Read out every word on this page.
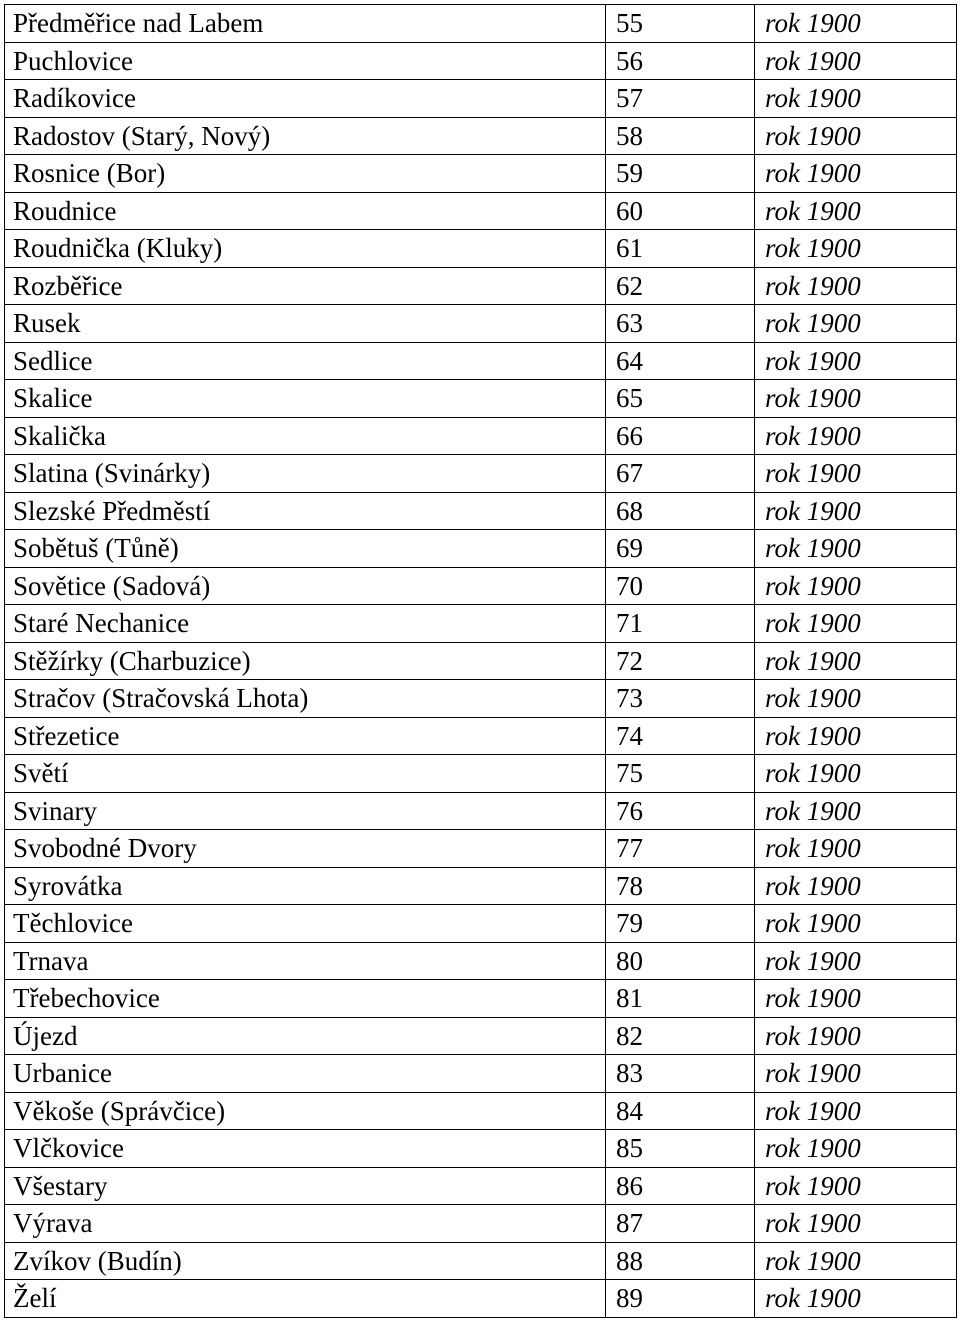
Předměřice nad Labem	55	rok 1900
Puchlovice	56	rok 1900
Radíkovice	57	rok 1900
Radostov (Starý, Nový)	58	rok 1900
Rosnice (Bor)	59	rok 1900
Roudnice	60	rok 1900
Roudnička (Kluky)	61	rok 1900
Rozběřice	62	rok 1900
Rusek	63	rok 1900
Sedlice	64	rok 1900
Skalice	65	rok 1900
Skalička	66	rok 1900
Slatina (Svinárky)	67	rok 1900
Slezské Předměstí	68	rok 1900
Sobětuš (Tůně)	69	rok 1900
Sovětice (Sadová)	70	rok 1900
Staré Nechanice	71	rok 1900
Stěžírky (Charbuzice)	72	rok 1900
Stračov (Stračovská Lhota)	73	rok 1900
Střezetice	74	rok 1900
Světí	75	rok 1900
Svinary	76	rok 1900
Svobodné Dvory	77	rok 1900
Syrovátka	78	rok 1900
Těchlovice	79	rok 1900
Trnava	80	rok 1900
Třebechovice	81	rok 1900
Újezd	82	rok 1900
Urbanice	83	rok 1900
Věkoše (Správčice)	84	rok 1900
Vlčkovice	85	rok 1900
Všestary	86	rok 1900
Výrava	87	rok 1900
Zvíkov (Budín)	88	rok 1900
Želí	89	rok 1900
